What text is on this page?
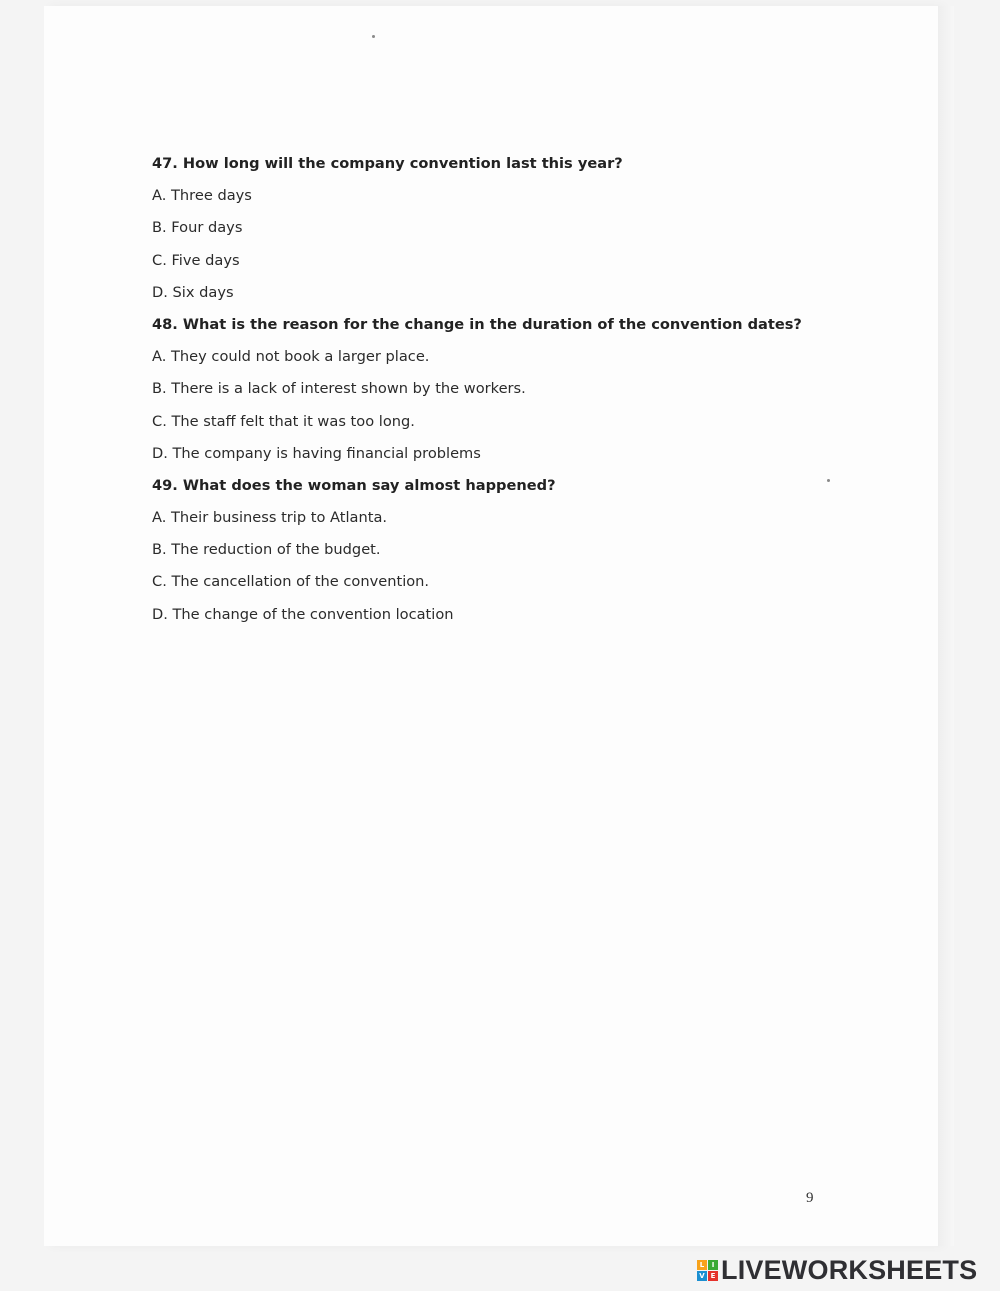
47. How long will the company convention last this year?
A. Three days
B. Four days
C. Five days
D. Six days
48. What is the reason for the change in the duration of the convention dates?
A. They could not book a larger place.
B. There is a lack of interest shown by the workers.
C. The staff felt that it was too long.
D. The company is having financial problems
49. What does the woman say almost happened?
A. Their business trip to Atlanta.
B. The reduction of the budget.
C. The cancellation of the convention.
D. The change of the convention location
9
L	I
V E LIVEWORKSHEETS
